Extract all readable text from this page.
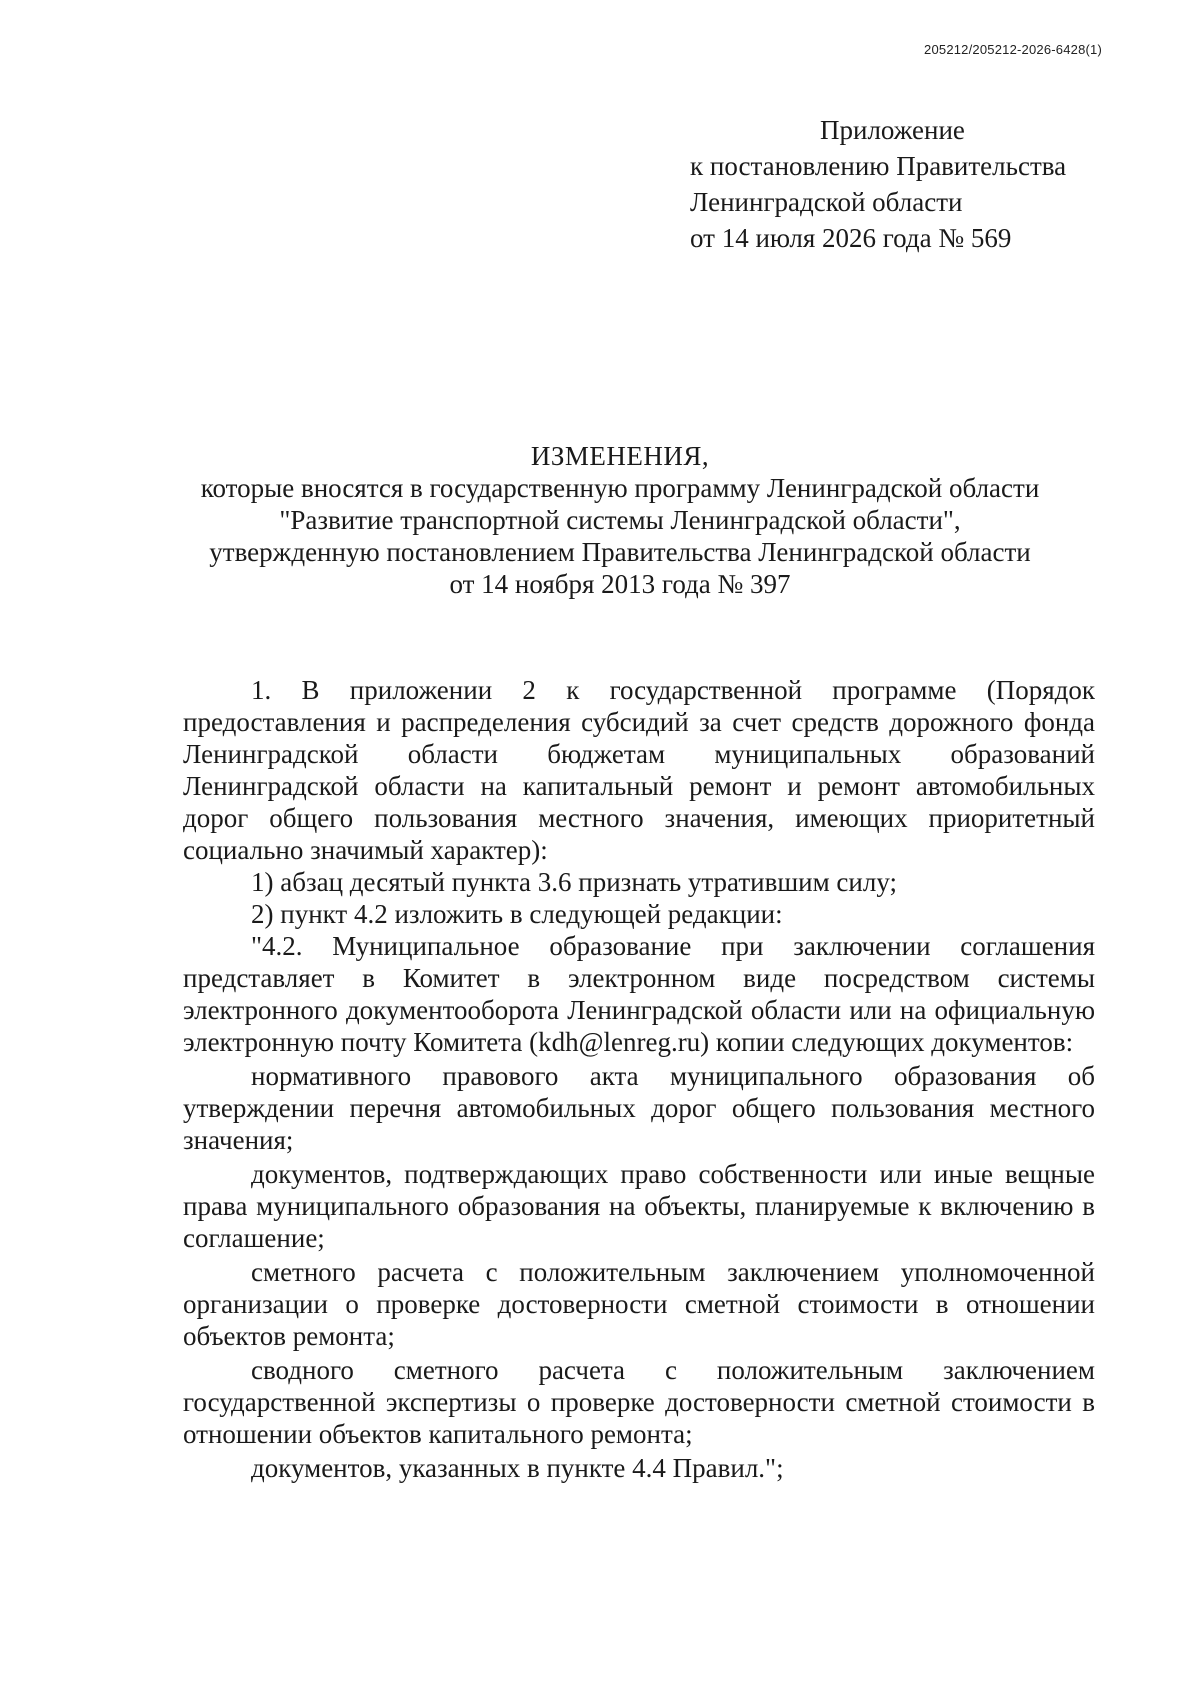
205212/205212-2026-6428(1)
Приложение
к постановлению Правительства
Ленинградской области
от 14 июля 2026 года № 569
ИЗМЕНЕНИЯ,
которые вносятся в государственную программу Ленинградской области
"Развитие транспортной системы Ленинградской области",
утвержденную постановлением Правительства Ленинградской области
от 14 ноября 2013 года № 397

1. В приложении 2 к государственной программе (Порядок предоставления и распределения субсидий за счет средств дорожного фонда Ленинградской области бюджетам муниципальных образований Ленинградской области на капитальный ремонт и ремонт автомобильных дорог общего пользования местного значения, имеющих приоритетный социально значимый характер):

1) абзац десятый пункта 3.6 признать утратившим силу;

2) пункт 4.2 изложить в следующей редакции:

"4.2. Муниципальное образование при заключении соглашения представляет в Комитет в электронном виде посредством системы электронного документооборота Ленинградской области или на официальную электронную почту Комитета (kdh@lenreg.ru) копии следующих документов:

нормативного правового акта муниципального образования об утверждении перечня автомобильных дорог общего пользования местного значения;

документов, подтверждающих право собственности или иные вещные права муниципального образования на объекты, планируемые к включению в соглашение;

сметного расчета с положительным заключением уполномоченной организации о проверке достоверности сметной стоимости в отношении объектов ремонта;

сводного сметного расчета с положительным заключением государственной экспертизы о проверке достоверности сметной стоимости в отношении объектов капитального ремонта;

документов, указанных в пункте 4.4 Правил.";
